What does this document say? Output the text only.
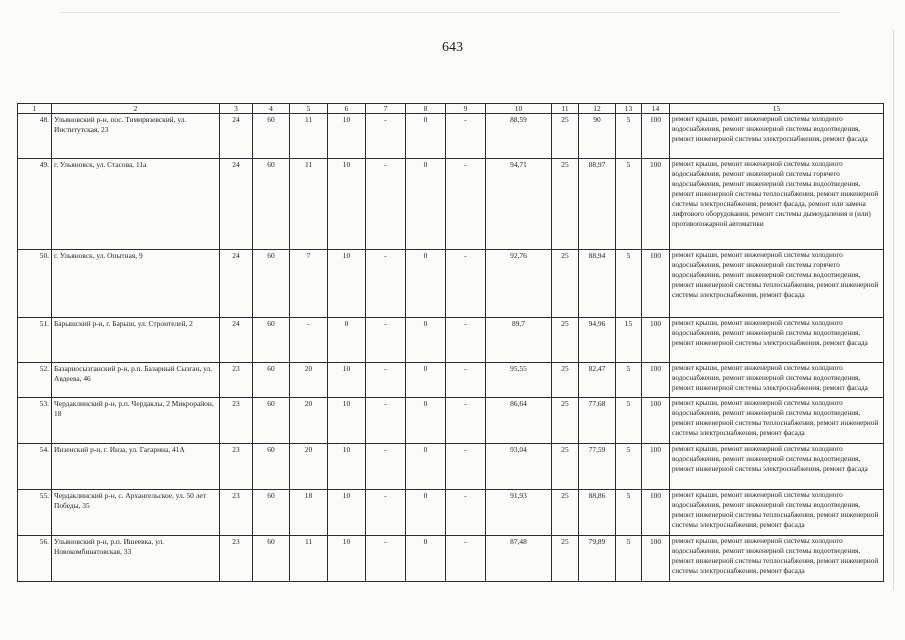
643
1	2	3	4	5	6	7	8	9	10	11	12	13	14	15
48.	Ульяновский р-н, пос. Тимирязевский, ул. Институтская, 23	24	60	11	10	-	0	-	88,59	25	90	5	100	ремонт крыши, ремонт инженерной системы холодного водоснабжения, ремонт инженерной системы водоотведения, ремонт инженерной системы электроснабжения, ремонт фасада
49.	г. Ульяновск, ул. Стасова, 11а	24	60	11	10	-	0	-	94,71	25	88,97	5	100	ремонт крыши, ремонт инженерной системы холодного водоснабжения, ремонт инженерной системы горячего водоснабжения, ремонт инженерной системы водоотведения, ремонт инженерной системы теплоснабжения, ремонт инженерной системы электроснабжения, ремонт фасада, ремонт или замена лифтового оборудования, ремонт системы дымоудаления и (или) противопожарной автоматики
50.	г. Ульяновск, ул. Опытная, 9	24	60	7	10	-	0	-	92,76	25	88,94	5	100	ремонт крыши, ремонт инженерной системы холодного водоснабжения, ремонт инженерной системы горячего водоснабжения, ремонт инженерной системы водоотведения, ремонт инженерной системы теплоснабжения, ремонт инженерной системы электроснабжения, ремонт фасада
51.	Барышский р-н, г. Барыш, ул. Строителей, 2	24	60	-	0	-	0	-	89,7	25	94,96	15	100	ремонт крыши, ремонт инженерной системы холодного водоснабжения, ремонт инженерной системы водоотведения, ремонт инженерной системы электроснабжения, ремонт фасада
52.	Базарносызганский р-н, р.п. Базарный Сызган, ул. Авдеева, 46	23	60	20	10	-	0	-	95,55	25	82,47	5	100	ремонт крыши, ремонт инженерной системы холодного водоснабжения, ремонт инженерной системы водоотведения, ремонт инженерной системы электроснабжения, ремонт фасада
53.	Чердаклинский р-н, р.п. Чердаклы, 2 Микрорайон, 18	23	60	20	10	-	0	-	86,64	25	77,68	5	100	ремонт крыши, ремонт инженерной системы холодного водоснабжения, ремонт инженерной системы водоотведения, ремонт инженерной системы теплоснабжения, ремонт инженерной системы электроснабжения, ремонт фасада
54.	Инзенский р-н, г. Инза, ул. Гагарина, 41А	23	60	20	10	-	0	-	93,04	25	77,59	5	100	ремонт крыши, ремонт инженерной системы холодного водоснабжения, ремонт инженерной системы водоотведения, ремонт инженерной системы электроснабжения, ремонт фасада
55.	Чердаклинский р-н, с. Архангельское, ул. 50 лет Победы, 35	23	60	18	10	-	0	-	91,93	25	88,86	5	100	ремонт крыши, ремонт инженерной системы холодного водоснабжения, ремонт инженерной системы водоотведения, ремонт инженерной системы теплоснабжения, ремонт инженерной системы электроснабжения, ремонт фасада
56.	Ульяновский р-н, р.п. Ишеевка, ул. Новокомбинатовская, 33	23	60	11	10	-	0	-	87,48	25	79,89	5	100	ремонт крыши, ремонт инженерной системы холодного водоснабжения, ремонт инженерной системы водоотведения, ремонт инженерной системы теплоснабжения, ремонт инженерной системы электроснабжения, ремонт фасада
